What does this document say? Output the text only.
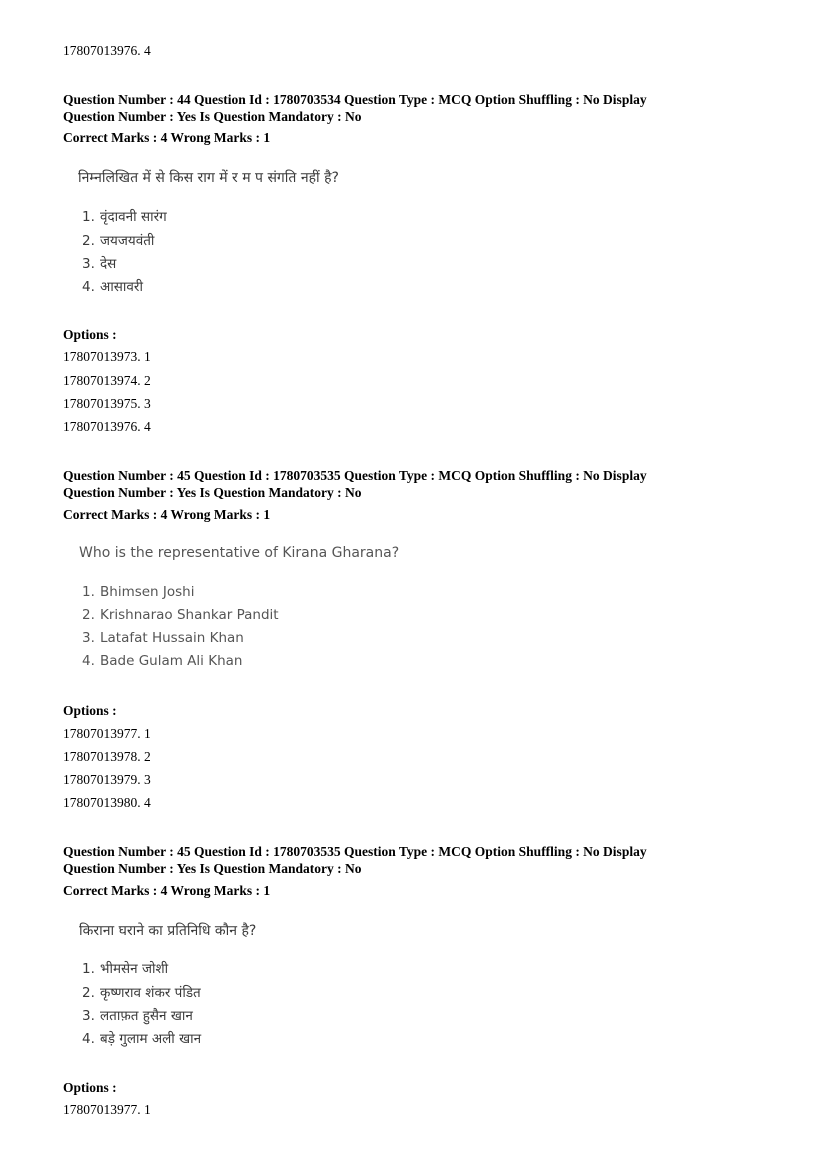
17807013976. 4
Question Number : 44 Question Id : 1780703534 Question Type : MCQ Option Shuffling : No Display
Question Number : Yes Is Question Mandatory : No
Correct Marks : 4 Wrong Marks : 1
निम्नलिखित में से किस राग में र म प संगति नहीं है?
1. वृंदावनी सारंग
2. जयजयवंती
3. देस
4. आसावरी
Options :
17807013973. 1
17807013974. 2
17807013975. 3
17807013976. 4
Question Number : 45 Question Id : 1780703535 Question Type : MCQ Option Shuffling : No Display
Question Number : Yes Is Question Mandatory : No
Correct Marks : 4 Wrong Marks : 1
Who is the representative of Kirana Gharana?
1. Bhimsen Joshi
2. Krishnarao Shankar Pandit
3. Latafat Hussain Khan
4. Bade Gulam Ali Khan
Options :
17807013977. 1
17807013978. 2
17807013979. 3
17807013980. 4
Question Number : 45 Question Id : 1780703535 Question Type : MCQ Option Shuffling : No Display
Question Number : Yes Is Question Mandatory : No
Correct Marks : 4 Wrong Marks : 1
किराना घराने का प्रतिनिधि कौन है?
1. भीमसेन जोशी
2. कृष्णराव शंकर पंडित
3. लताफ़त हुसैन खान
4. बड़े गुलाम अली खान
Options :
17807013977. 1
